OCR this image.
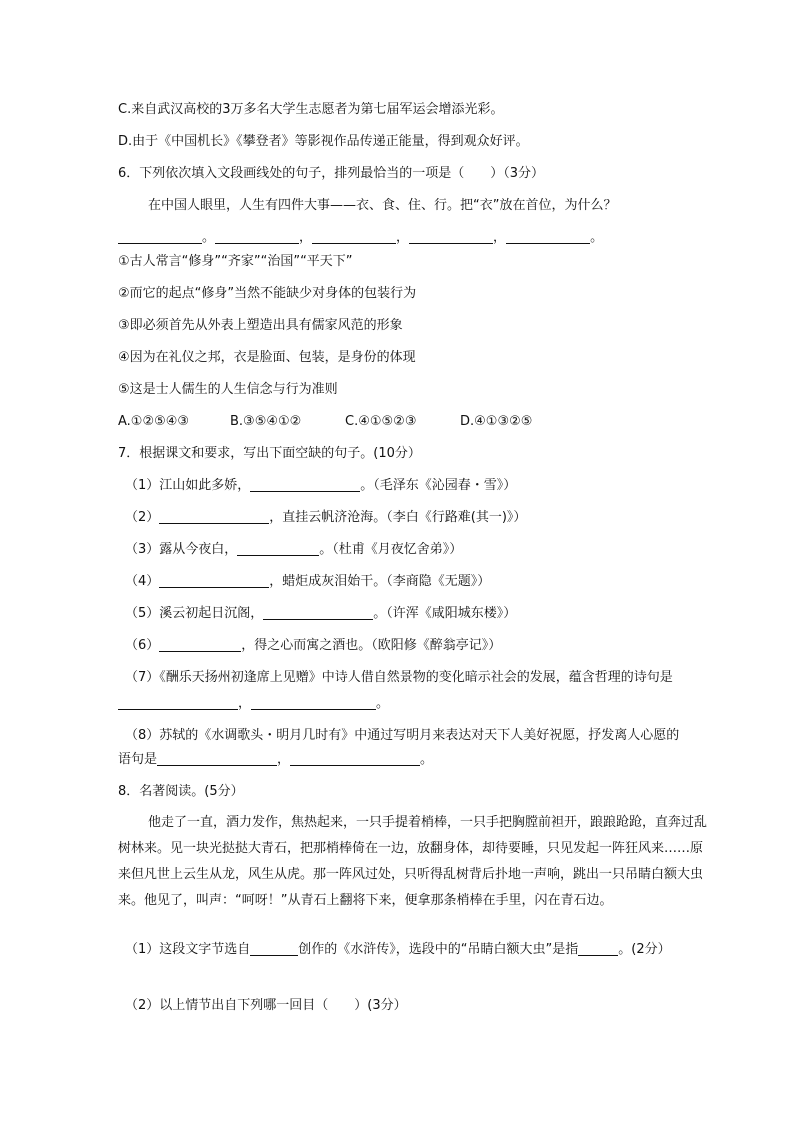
C.来自武汉高校的3万多名大学生志愿者为第七届军运会增添光彩。
D.由于《中国机长》《攀登者》等影视作品传递正能量，得到观众好评。
6．下列依次填入文段画线处的句子，排列最恰当的一项是（　　）（3分）
在中国人眼里，人生有四件大事——衣、食、住、行。把“衣”放在首位，为什么？
。	，	，	，	。
①古人常言“修身”“齐家”“治国”“平天下”
②而它的起点“修身”当然不能缺少对身体的包装行为
③即必须首先从外表上塑造出具有儒家风范的形象
④因为在礼仪之邦，衣是脸面、包装，是身份的体现
⑤这是士人儒生的人生信念与行为准则
A.①②⑤④③	B.③⑤④①②	C.④①⑤②③	D.④①③②⑤
7．根据课文和要求，写出下面空缺的句子。(10分）
（1）江山如此多娇，	。（毛泽东《沁园春・雪》）
（2）	，直挂云帆济沧海。（李白《行路难(其一)》）
（3）露从今夜白，	。（杜甫《月夜忆舍弟》）
（4）	，蜡炬成灰泪始干。（李商隐《无题》）
（5）溪云初起日沉阁，	。（许浑《咸阳城东楼》）
（6）	，得之心而寓之酒也。（欧阳修《醉翁亭记》）
（7）《酬乐天扬州初逢席上见赠》中诗人借自然景物的变化暗示社会的发展，蕴含哲理的诗句是
，	。
（8）苏轼的《水调歌头・明月几时有》中通过写明月来表达对天下人美好祝愿，抒发离人心愿的
语句是	，	。
8．名著阅读。(5分）
他走了一直，酒力发作，焦热起来，一只手提着梢棒，一只手把胸膛前袒开，踉踉跄跄，直奔过乱树林来。见一块光挞挞大青石，把那梢棒倚在一边，放翻身体，却待要睡，只见发起一阵狂风来……原来但凡世上云生从龙，风生从虎。那一阵风过处，只听得乱树背后扑地一声响，跳出一只吊睛白额大虫来。他见了，叫声：“呵呀！”从青石上翻将下来，便拿那条梢棒在手里，闪在青石边。
（1）这段文字节选自	创作的《水浒传》，选段中的“吊睛白额大虫”是指	。(2分）
（2）以上情节出自下列哪一回目（　　）(3分）
